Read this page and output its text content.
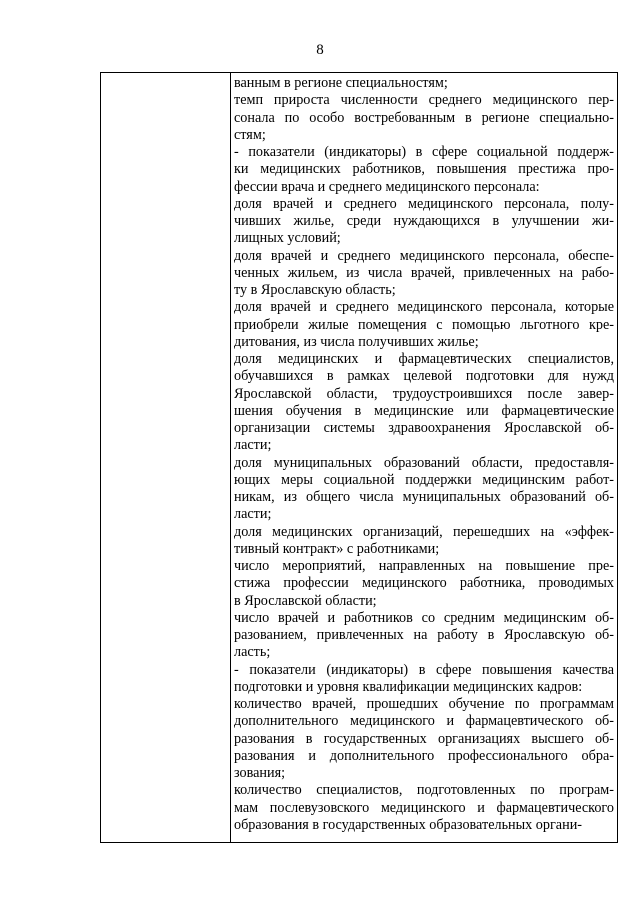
8

ванным в регионе специальностям;

темп прироста численности среднего медицинского пер-
сонала по особо востребованным в регионе специально-
стям;

- показатели (индикаторы) в сфере социальной поддерж-
ки медицинских работников, повышения престижа про-
фессии врача и среднего медицинского персонала:

доля врачей и среднего медицинского персонала, полу-
чивших жилье, среди нуждающихся в улучшении жи-
лищных условий;

доля врачей и среднего медицинского персонала, обеспе-
ченных жильем, из числа врачей, привлеченных на рабо-
ту в Ярославскую область;

доля врачей и среднего медицинского персонала, которые
приобрели жилые помещения с помощью льготного кре-
дитования, из числа получивших жилье;

доля медицинских и фармацевтических специалистов,
обучавшихся в рамках целевой подготовки для нужд
Ярославской области, трудоустроившихся после завер-
шения обучения в медицинские или фармацевтические
организации системы здравоохранения Ярославской об-
ласти;

доля муниципальных образований области, предоставля-
ющих меры социальной поддержки медицинским работ-
никам, из общего числа муниципальных образований об-
ласти;

доля медицинских организаций, перешедших на «эффек-
тивный контракт» с работниками;

число мероприятий, направленных на повышение пре-
стижа профессии медицинского работника, проводимых
в Ярославской области;

число врачей и работников со средним медицинским об-
разованием, привлеченных на работу в Ярославскую об-
ласть;

- показатели (индикаторы) в сфере повышения качества
подготовки и уровня квалификации медицинских кадров:

количество врачей, прошедших обучение по программам
дополнительного медицинского и фармацевтического об-
разования в государственных организациях высшего об-
разования и дополнительного профессионального обра-
зования;

количество специалистов, подготовленных по програм-
мам послевузовского медицинского и фармацевтического
образования в государственных образовательных органи-
